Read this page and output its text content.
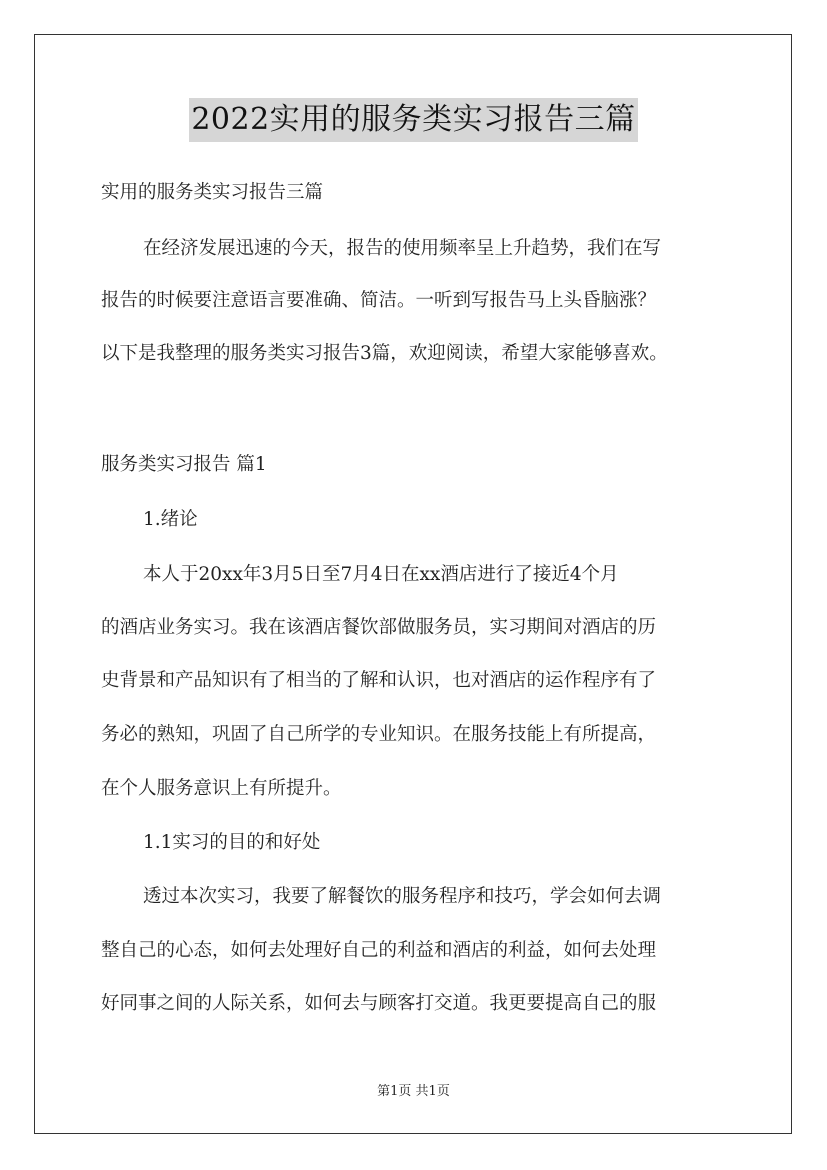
2022实用的服务类实习报告三篇
实用的服务类实习报告三篇
在经济发展迅速的今天，报告的使用频率呈上升趋势，我们在写
报告的时候要注意语言要准确、简洁。一听到写报告马上头昏脑涨？
以下是我整理的服务类实习报告3篇，欢迎阅读，希望大家能够喜欢。
服务类实习报告 篇1
1.绪论
本人于20xx年3月5日至7月4日在xx酒店进行了接近4个月
的酒店业务实习。我在该酒店餐饮部做服务员，实习期间对酒店的历
史背景和产品知识有了相当的了解和认识，也对酒店的运作程序有了
务必的熟知，巩固了自己所学的专业知识。在服务技能上有所提高，
在个人服务意识上有所提升。
1.1实习的目的和好处
透过本次实习，我要了解餐饮的服务程序和技巧，学会如何去调
整自己的心态，如何去处理好自己的利益和酒店的利益，如何去处理
好同事之间的人际关系，如何去与顾客打交道。我更要提高自己的服
第1页 共1页
